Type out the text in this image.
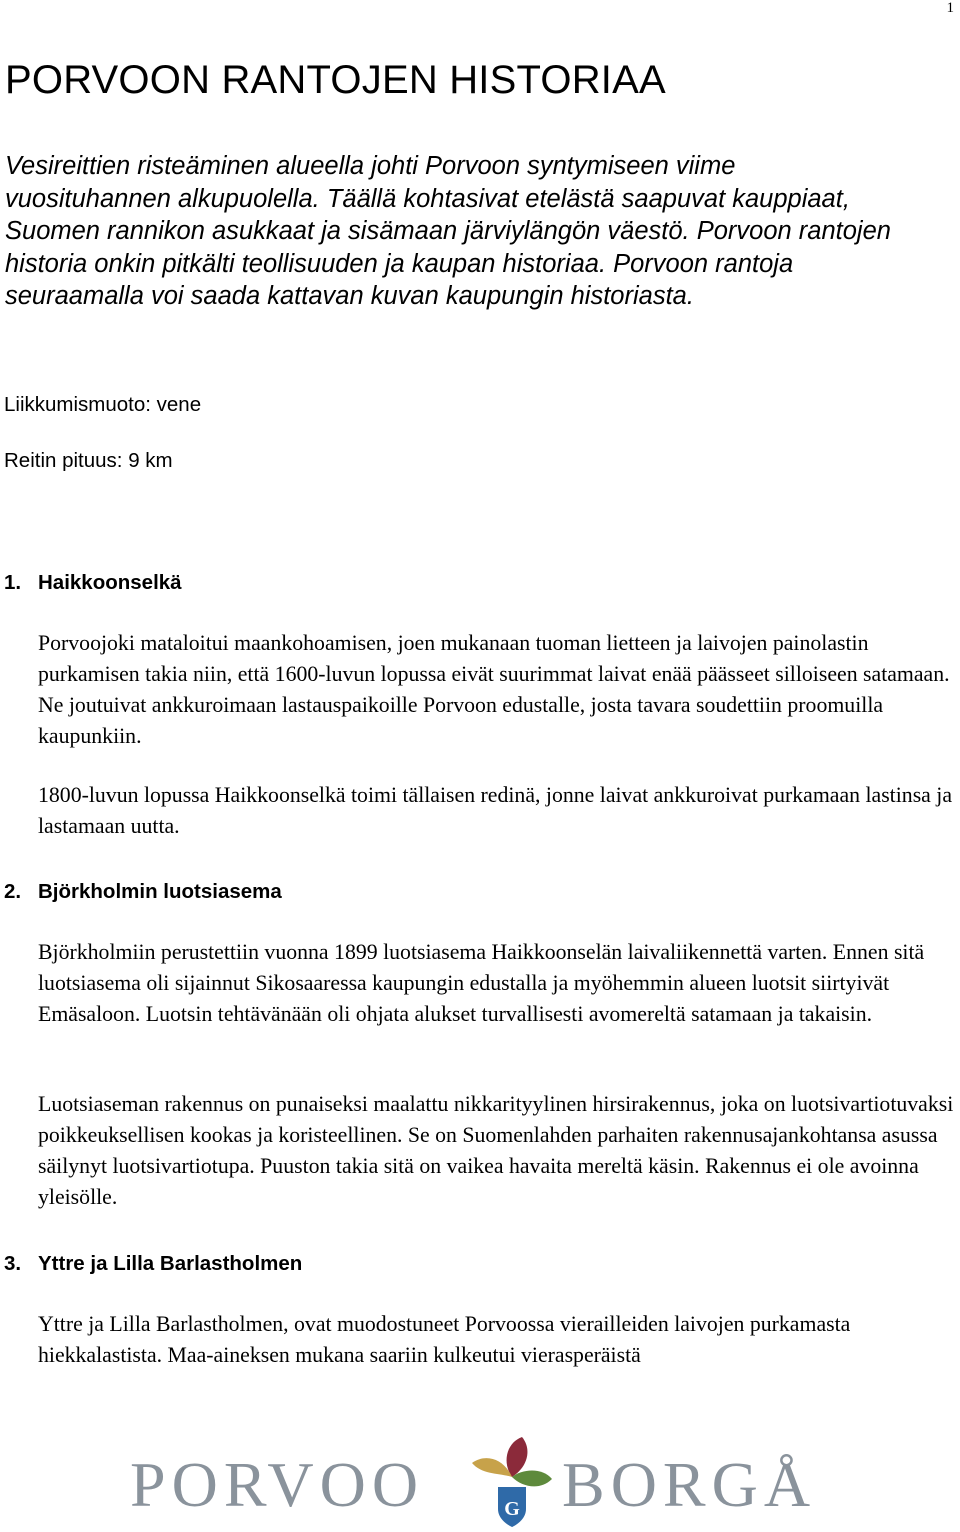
1
PORVOON RANTOJEN HISTORIAA

Vesireittien risteäminen alueella johti Porvoon syntymiseen viime vuosituhannen alkupuolella. Täällä kohtasivat etelästä saapuvat kauppiaat, Suomen rannikon asukkaat ja sisämaan järviylängön väestö. Porvoon rantojen historia onkin pitkälti teollisuuden ja kaupan historiaa. Porvoon rantoja seuraamalla voi saada kattavan kuvan kaupungin historiasta.

Liikkumismuoto: vene

Reitin pituus: 9 km

1. Haikkoonselkä

Porvoojoki mataloitui maankohoamisen, joen mukanaan tuoman lietteen ja laivojen painolastin purkamisen takia niin, että 1600-luvun lopussa eivät suurimmat laivat enää päässeet silloiseen satamaan. Ne joutuivat ankkuroimaan lastauspaikoille Porvoon edustalle, josta tavara soudettiin proomuilla kaupunkiin.

1800-luvun lopussa Haikkoonselkä toimi tällaisen redinä, jonne laivat ankkuroivat purkamaan lastinsa ja lastamaan uutta.

2. Björkholmin luotsiasema

Björkholmiin perustettiin vuonna 1899 luotsiasema Haikkoonselän laivaliikennettä varten. Ennen sitä luotsiasema oli sijainnut Sikosaaressa kaupungin edustalla ja myöhemmin alueen luotsit siirtyivät Emäsaloon. Luotsin tehtävänään oli ohjata alukset turvallisesti avomereltä satamaan ja takaisin.

Luotsiaseman rakennus on punaiseksi maalattu nikkarityylinen hirsirakennus, joka on luotsivartiotuvaksi poikkeuksellisen kookas ja koristeellinen. Se on Suomenlahden parhaiten rakennusajankohtansa asussa säilynyt luotsivartiotupa. Puuston takia sitä on vaikea havaita mereltä käsin. Rakennus ei ole avoinna yleisölle.

3. Yttre ja Lilla Barlastholmen

Yttre ja Lilla Barlastholmen, ovat muodostuneet Porvoossa vierailleiden laivojen purkamasta hiekkalastista. Maa-aineksen mukana saariin kulkeutui vierasperäistä

PORVOO	G BORGÅ
